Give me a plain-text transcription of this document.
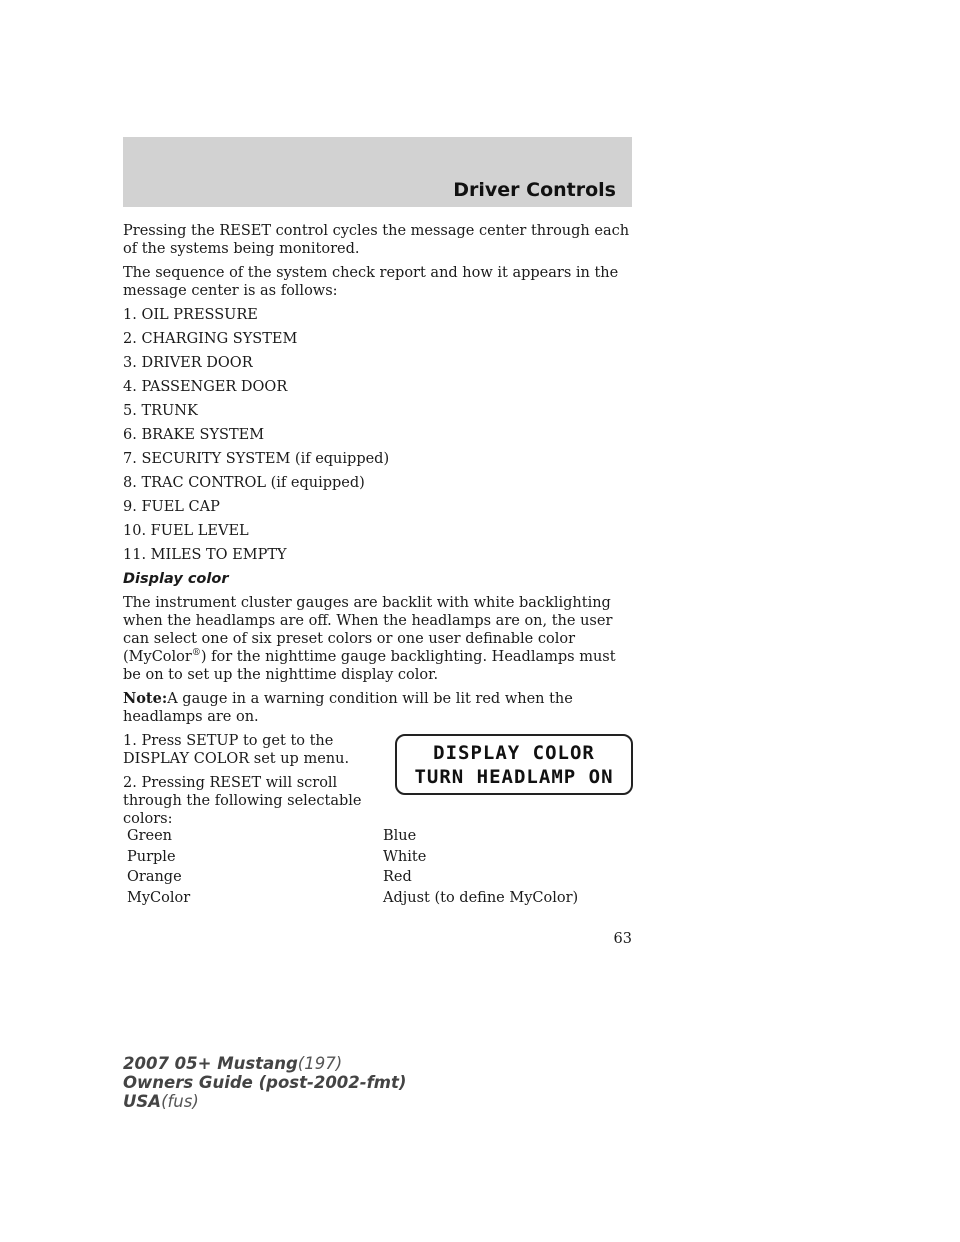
Driver Controls

Pressing the RESET control cycles the message center through each of the systems being monitored.

The sequence of the system check report and how it appears in the message center is as follows:

1. OIL PRESSURE

2. CHARGING SYSTEM

3. DRIVER DOOR

4. PASSENGER DOOR

5. TRUNK

6. BRAKE SYSTEM

7. SECURITY SYSTEM (if equipped)

8. TRAC CONTROL (if equipped)

9. FUEL CAP

10. FUEL LEVEL

11. MILES TO EMPTY

Display color

The instrument cluster gauges are backlit with white backlighting when the headlamps are off. When the headlamps are on, the user can select one of six preset colors or one user definable color (MyColor®) for the nighttime gauge backlighting. Headlamps must be on to set up the nighttime display color.

Note:A gauge in a warning condition will be lit red when the headlamps are on.

1. Press SETUP to get to the DISPLAY COLOR set up menu.

2. Pressing RESET will scroll through the following selectable colors:

DISPLAY COLOR
TURN HEADLAMP ON
Green	Blue
Purple	White
Orange	Red
MyColor	Adjust (to define MyColor)
63
2007 05+ Mustang(197)
Owners Guide (post-2002-fmt)
USA(fus)
